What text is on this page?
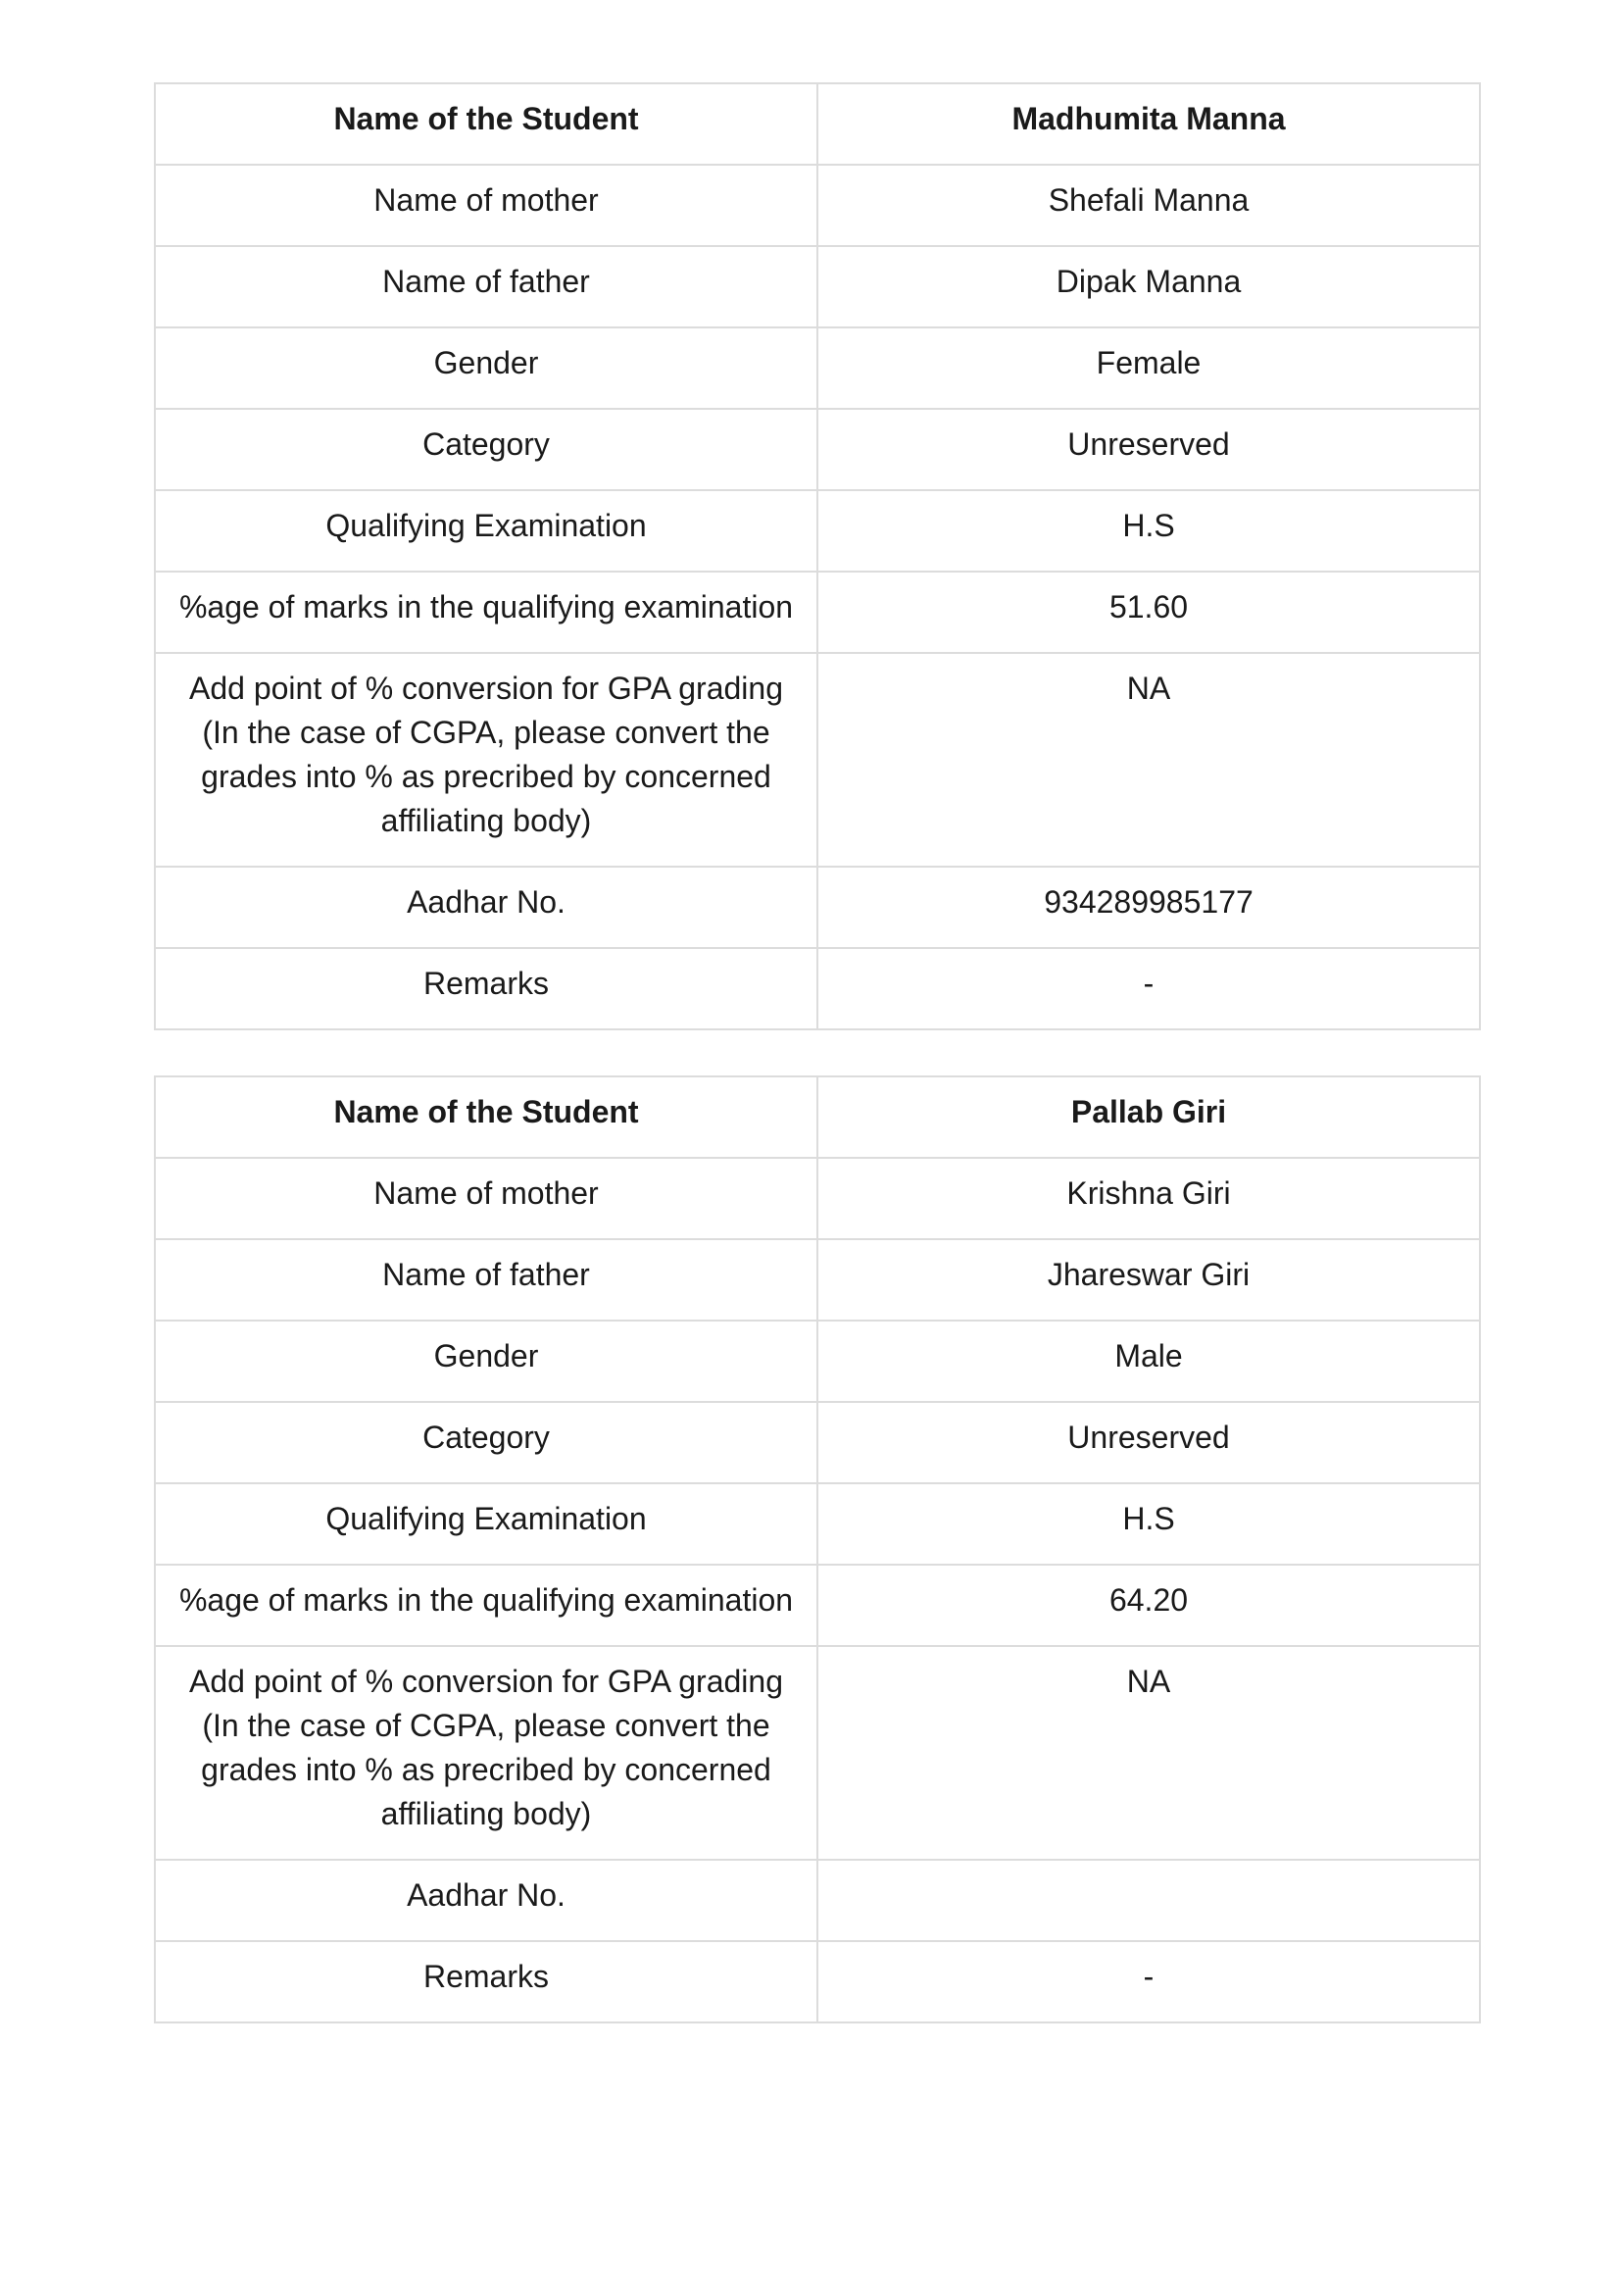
Name of the Student	Madhumita Manna
Name of mother	Shefali Manna
Name of father	Dipak Manna
Gender	Female
Category	Unreserved
Qualifying Examination	H.S
%age of marks in the qualifying examination	51.60
Add point of % conversion for GPA grading (In the case of CGPA, please convert the grades into % as precribed by concerned affiliating body)	NA
Aadhar No.	934289985177
Remarks	-
Name of the Student	Pallab Giri
Name of mother	Krishna Giri
Name of father	Jhareswar Giri
Gender	Male
Category	Unreserved
Qualifying Examination	H.S
%age of marks in the qualifying examination	64.20
Add point of % conversion for GPA grading (In the case of CGPA, please convert the grades into % as precribed by concerned affiliating body)	NA
Aadhar No.	
Remarks	-
